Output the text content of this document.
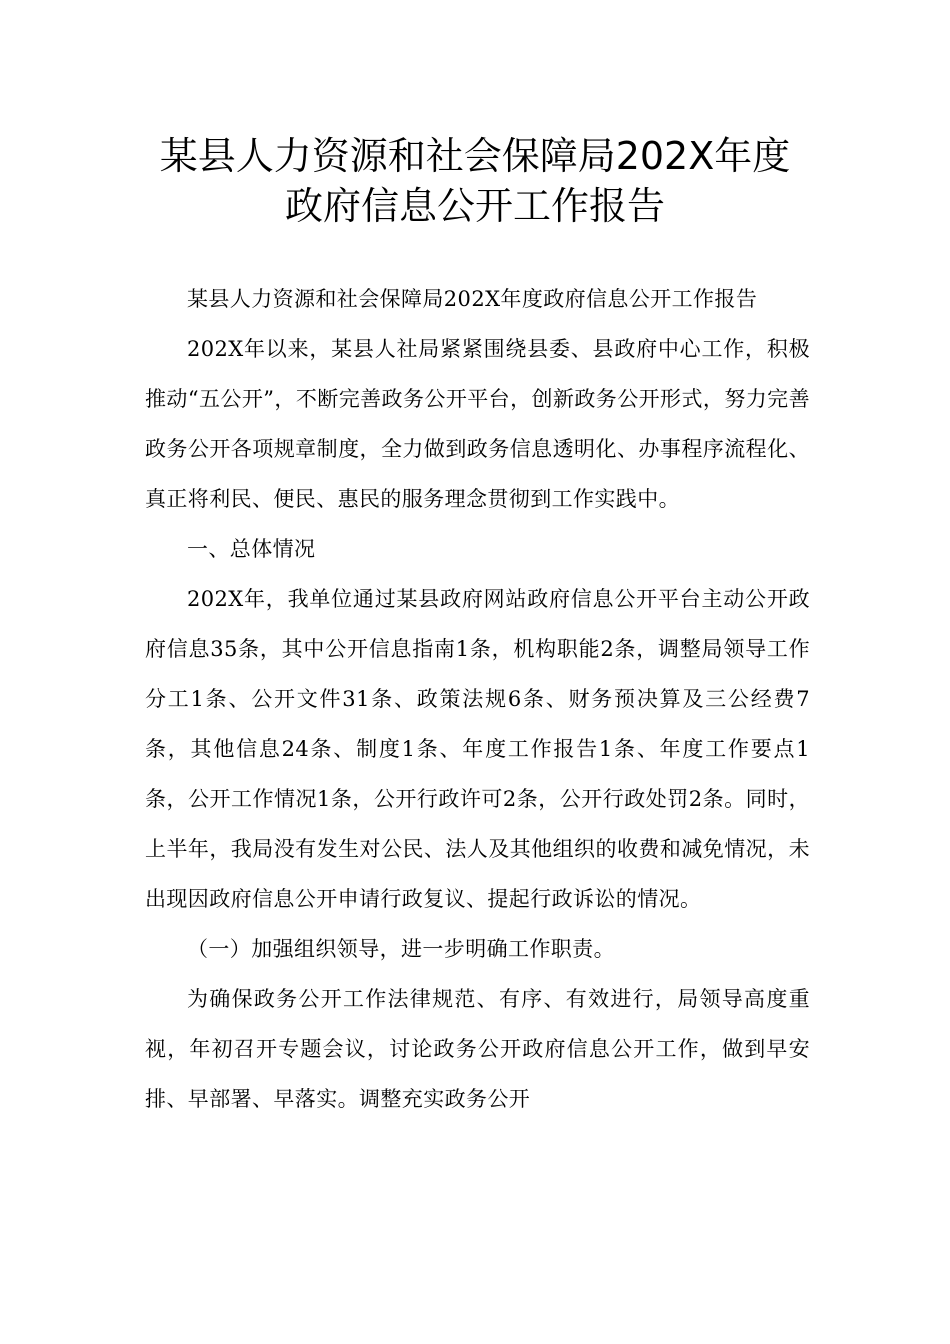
某县人力资源和社会保障局202X年度
政府信息公开工作报告

某县人力资源和社会保障局202X年度政府信息公开工作报告

202X年以来，某县人社局紧紧围绕县委、县政府中心工作，积极推动“五公开”，不断完善政务公开平台，创新政务公开形式，努力完善政务公开各项规章制度，全力做到政务信息透明化、办事程序流程化、真正将利民、便民、惠民的服务理念贯彻到工作实践中。

一、总体情况

202X年，我单位通过某县政府网站政府信息公开平台主动公开政府信息35条，其中公开信息指南1条，机构职能2条，调整局领导工作分工1条、公开文件31条、政策法规6条、财务预决算及三公经费7条，其他信息24条、制度1条、年度工作报告1条、年度工作要点1条，公开工作情况1条，公开行政许可2条，公开行政处罚2条。同时，上半年，我局没有发生对公民、法人及其他组织的收费和减免情况，未出现因政府信息公开申请行政复议、提起行政诉讼的情况。

（一）加强组织领导，进一步明确工作职责。

为确保政务公开工作法律规范、有序、有效进行，局领导高度重视，年初召开专题会议，讨论政务公开政府信息公开工作，做到早安排、早部署、早落实。调整充实政务公开
